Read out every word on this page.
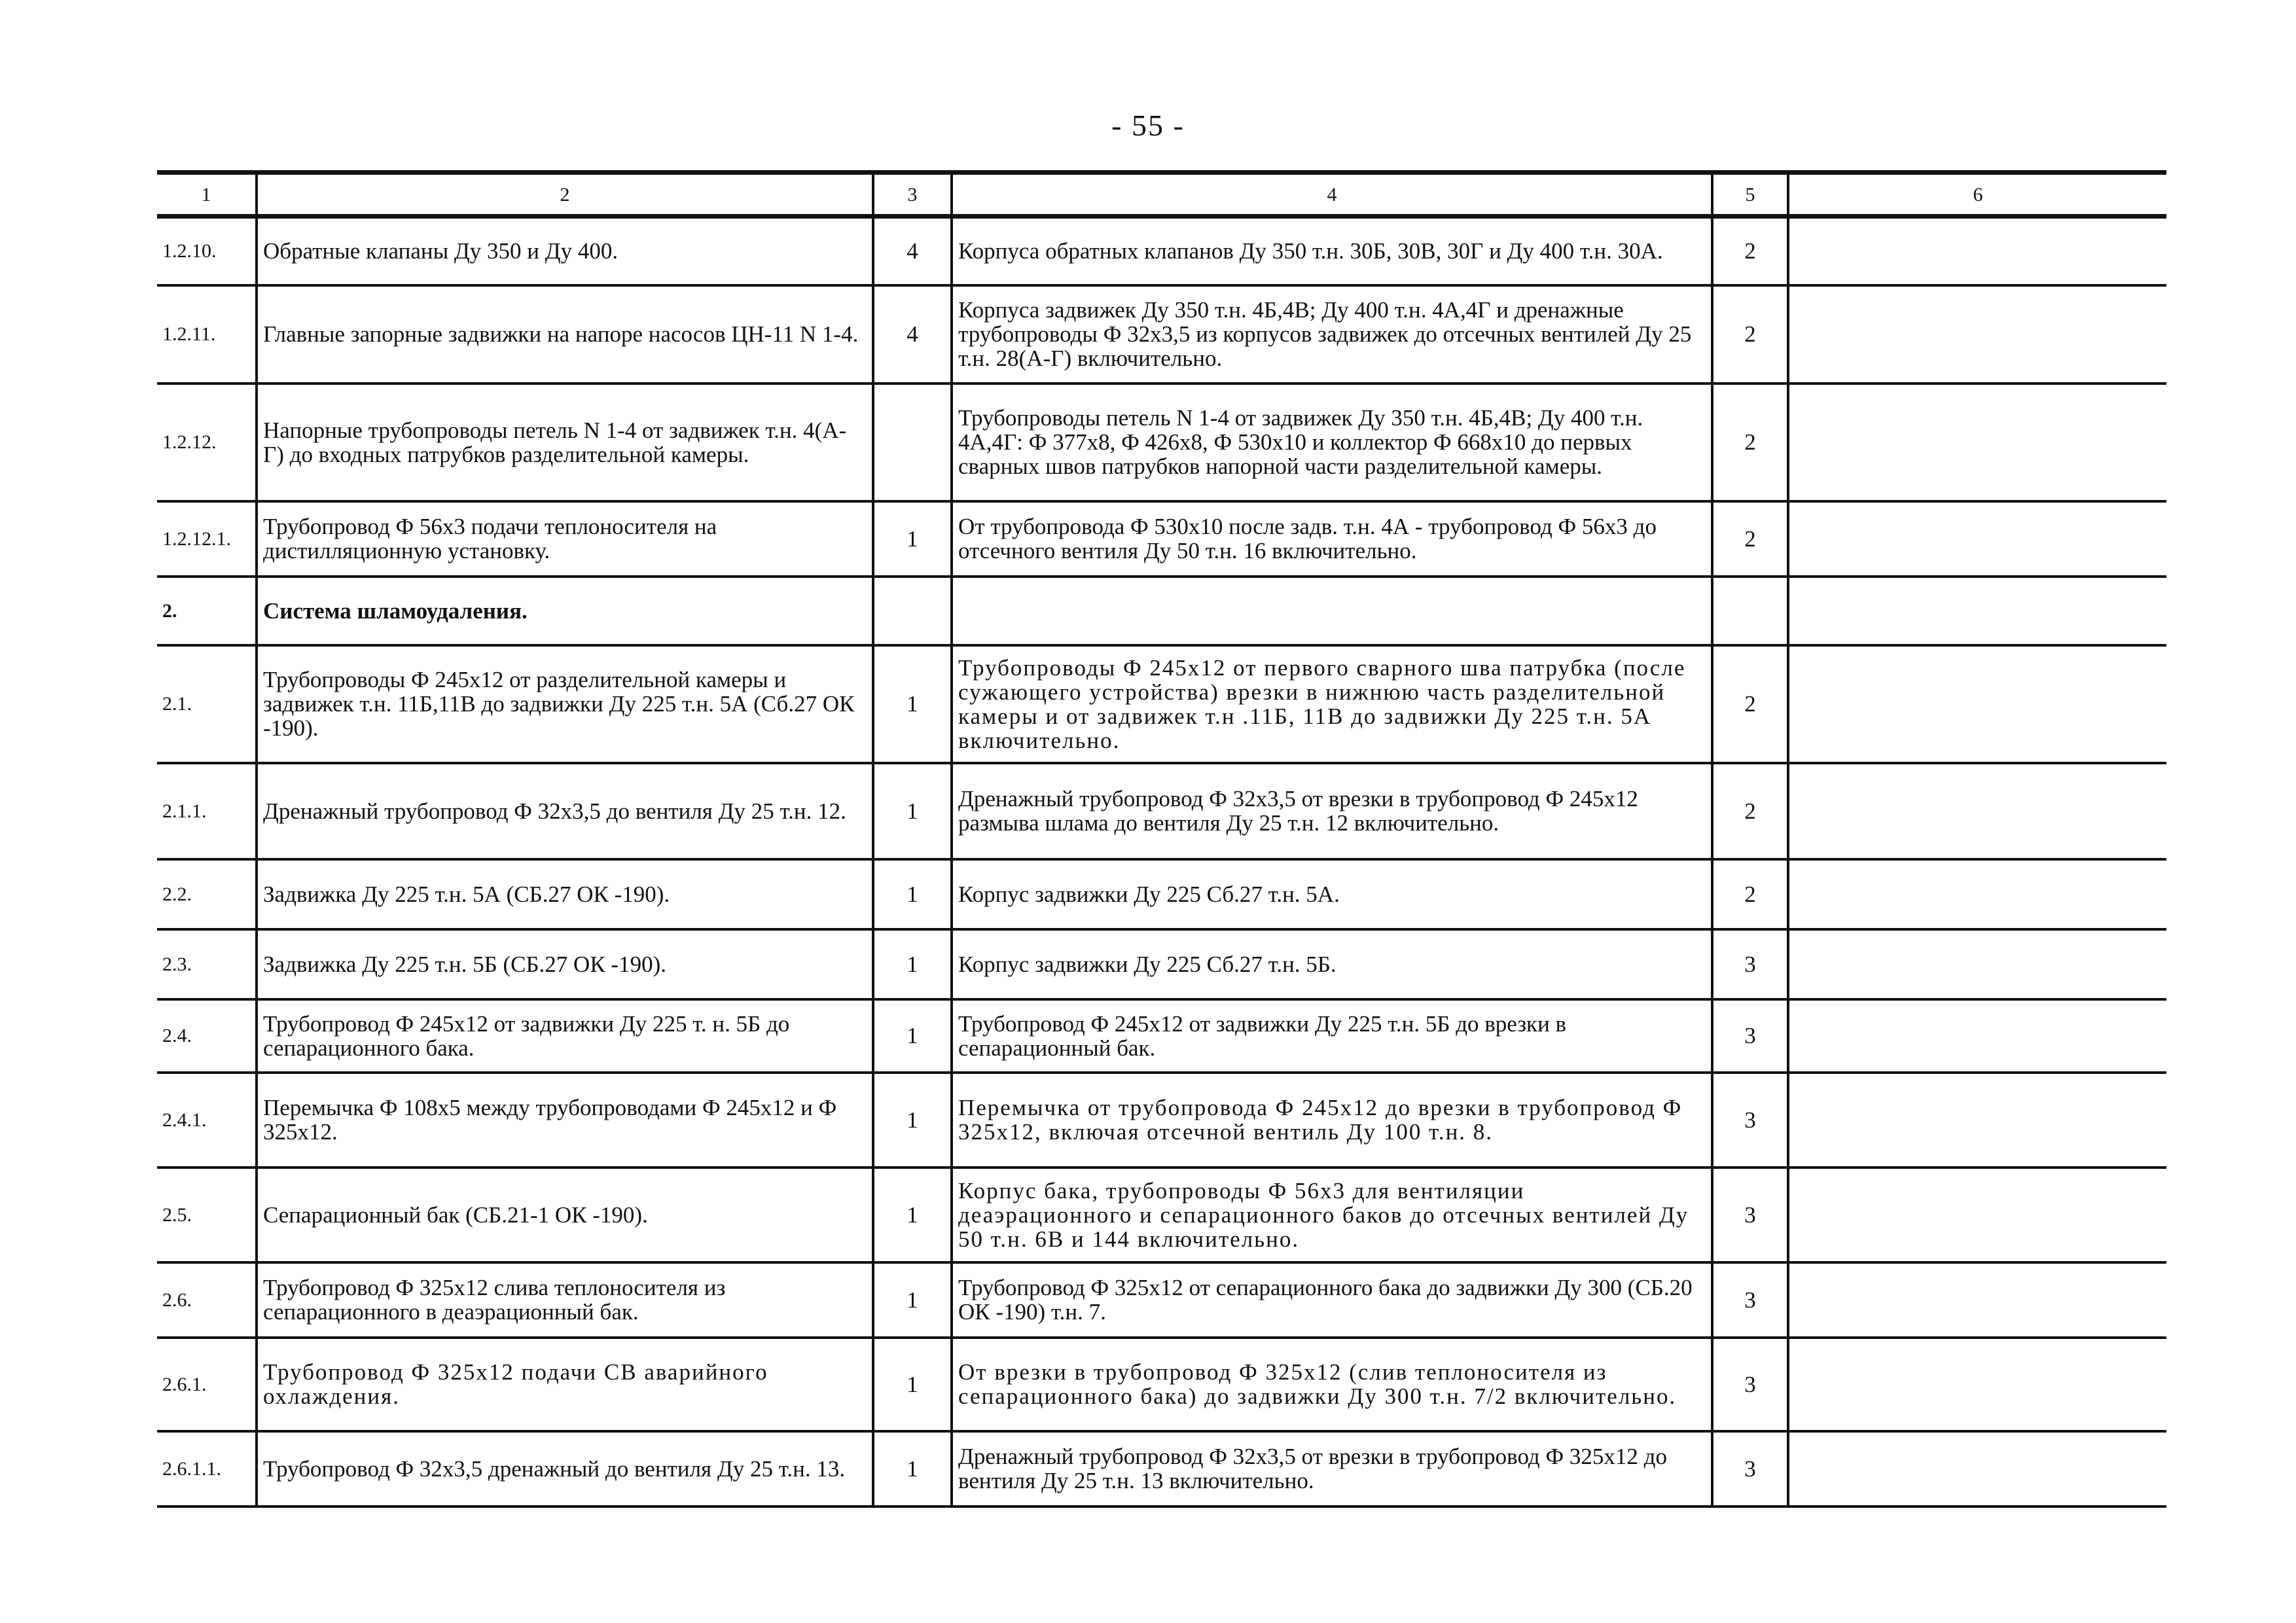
- 55 -
1	2	3	4	5	6
1.2.10.	Обратные клапаны Ду 350 и Ду 400.	4	Корпуса обратных клапанов Ду 350 т.н. 30Б, 30В, 30Г и Ду 400 т.н. 30А.	2	
1.2.11.	Главные запорные задвижки на напоре насосов ЦН-11 N 1-4.	4	Корпуса задвижек Ду 350 т.н. 4Б,4В; Ду 400 т.н. 4А,4Г и дренажные трубопроводы Ф 32х3,5 из корпусов задвижек до отсечных вентилей Ду 25 т.н. 28(А-Г) включительно.	2	
1.2.12.	Напорные трубопроводы петель N 1-4 от задвижек т.н. 4(А-Г) до входных патрубков разделительной камеры.		Трубопроводы петель N 1-4 от задвижек Ду 350 т.н. 4Б,4В; Ду 400 т.н. 4А,4Г: Ф 377х8, Ф 426х8, Ф 530х10 и коллектор Ф 668х10 до первых сварных швов патрубков напорной части разделительной камеры.	2	
1.2.12.1.	Трубопровод Ф 56х3 подачи теплоносителя на дистилляционную установку.	1	От трубопровода Ф 530х10 после задв. т.н. 4А - трубопровод Ф 56х3 до отсечного вентиля Ду 50 т.н. 16 включительно.	2	
2.	Система шламоудаления.				
2.1.	Трубопроводы Ф 245х12 от разделительной камеры и задвижек т.н. 11Б,11В до задвижки Ду 225 т.н. 5А (Сб.27 ОК -190).	1	Трубопроводы Ф 245х12 от первого сварного шва патрубка (после сужающего устройства) врезки в нижнюю часть разделительной камеры и от задвижек т.н .11Б, 11В до задвижки Ду 225 т.н. 5А включительно.	2	
2.1.1.	Дренажный трубопровод Ф 32х3,5 до вентиля Ду 25 т.н. 12.	1	Дренажный трубопровод Ф 32х3,5 от врезки в трубопровод Ф 245х12 размыва шлама до вентиля Ду 25 т.н. 12 включительно.	2	
2.2.	Задвижка Ду 225 т.н. 5А (СБ.27 ОК -190).	1	Корпус задвижки Ду 225 Сб.27 т.н. 5А.	2	
2.3.	Задвижка Ду 225 т.н. 5Б (СБ.27 ОК -190).	1	Корпус задвижки Ду 225 Сб.27 т.н. 5Б.	3	
2.4.	Трубопровод Ф 245х12 от задвижки Ду 225 т. н. 5Б до сепарационного бака.	1	Трубопровод Ф 245х12 от задвижки Ду 225 т.н. 5Б до врезки в сепарационный бак.	3	
2.4.1.	Перемычка Ф 108х5 между трубопроводами Ф 245х12 и Ф 325х12.	1	Перемычка от трубопровода Ф 245х12 до врезки в трубопровод Ф 325х12, включая отсечной вентиль Ду 100 т.н. 8.	3	
2.5.	Сепарационный бак (СБ.21-1 ОК -190).	1	Корпус бака, трубопроводы Ф 56х3 для вентиляции деаэрационного и сепарационного баков до отсечных вентилей Ду 50 т.н. 6В и 144 включительно.	3	
2.6.	Трубопровод Ф 325х12 слива теплоносителя из сепарационного в деаэрационный бак.	1	Трубопровод Ф 325х12 от сепарационного бака до задвижки Ду 300 (СБ.20 ОК -190) т.н. 7.	3	
2.6.1.	Трубопровод Ф 325х12 подачи СВ аварийного охлаждения.	1	От врезки в трубопровод Ф 325х12 (слив теплоносителя из сепарационного бака) до задвижки Ду 300 т.н. 7/2 включительно.	3	
2.6.1.1.	Трубопровод Ф 32х3,5 дренажный до вентиля Ду 25 т.н. 13.	1	Дренажный трубопровод Ф 32х3,5 от врезки в трубопровод Ф 325х12 до вентиля Ду 25 т.н. 13 включительно.	3	
